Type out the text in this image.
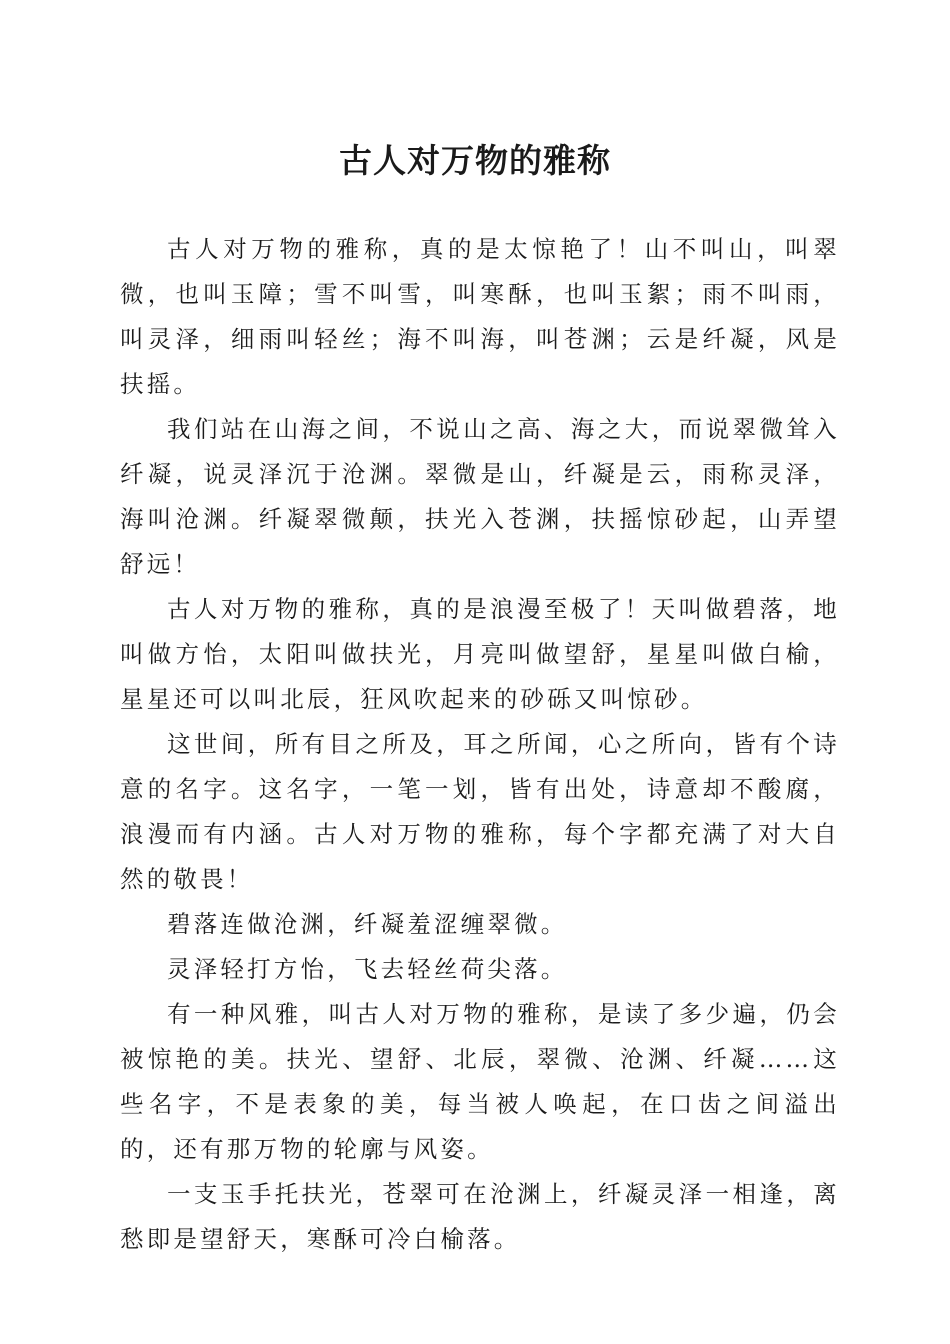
古人对万物的雅称

古人对万物的雅称，真的是太惊艳了！山不叫山，叫翠微，也叫玉障；雪不叫雪，叫寒酥，也叫玉絮；雨不叫雨，叫灵泽，细雨叫轻丝；海不叫海，叫苍渊；云是纤凝，风是扶摇。

我们站在山海之间，不说山之高、海之大，而说翠微耸入纤凝，说灵泽沉于沧渊。翠微是山，纤凝是云，雨称灵泽，海叫沧渊。纤凝翠微颠，扶光入苍渊，扶摇惊砂起，山弄望舒远！

古人对万物的雅称，真的是浪漫至极了！天叫做碧落，地叫做方怡，太阳叫做扶光，月亮叫做望舒，星星叫做白榆，星星还可以叫北辰，狂风吹起来的砂砾又叫惊砂。

这世间，所有目之所及，耳之所闻，心之所向，皆有个诗意的名字。这名字，一笔一划，皆有出处，诗意却不酸腐，浪漫而有内涵。古人对万物的雅称，每个字都充满了对大自然的敬畏！

碧落连做沧渊，纤凝羞涩缠翠微。

灵泽轻打方怡，飞去轻丝荷尖落。

有一种风雅，叫古人对万物的雅称，是读了多少遍，仍会被惊艳的美。扶光、望舒、北辰，翠微、沧渊、纤凝……这些名字，不是表象的美，每当被人唤起，在口齿之间溢出的，还有那万物的轮廓与风姿。

一支玉手托扶光，苍翠可在沧渊上，纤凝灵泽一相逢，离愁即是望舒天，寒酥可冷白榆落。
